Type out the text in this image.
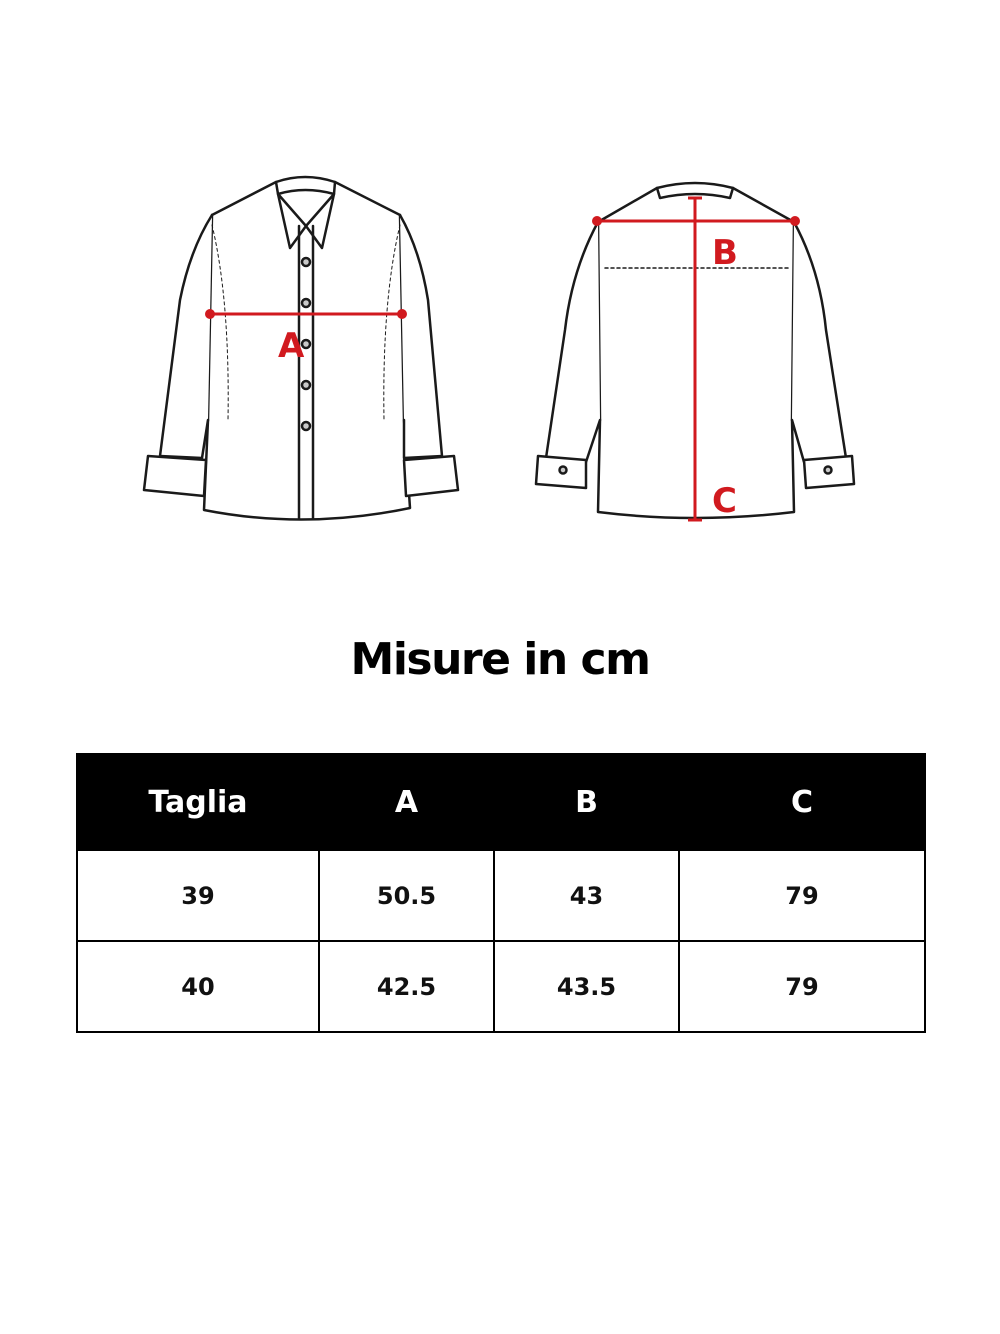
A
B
C
Misure in cm
Taglia	A	B	C
39	50.5	43	79
40	42.5	43.5	79
